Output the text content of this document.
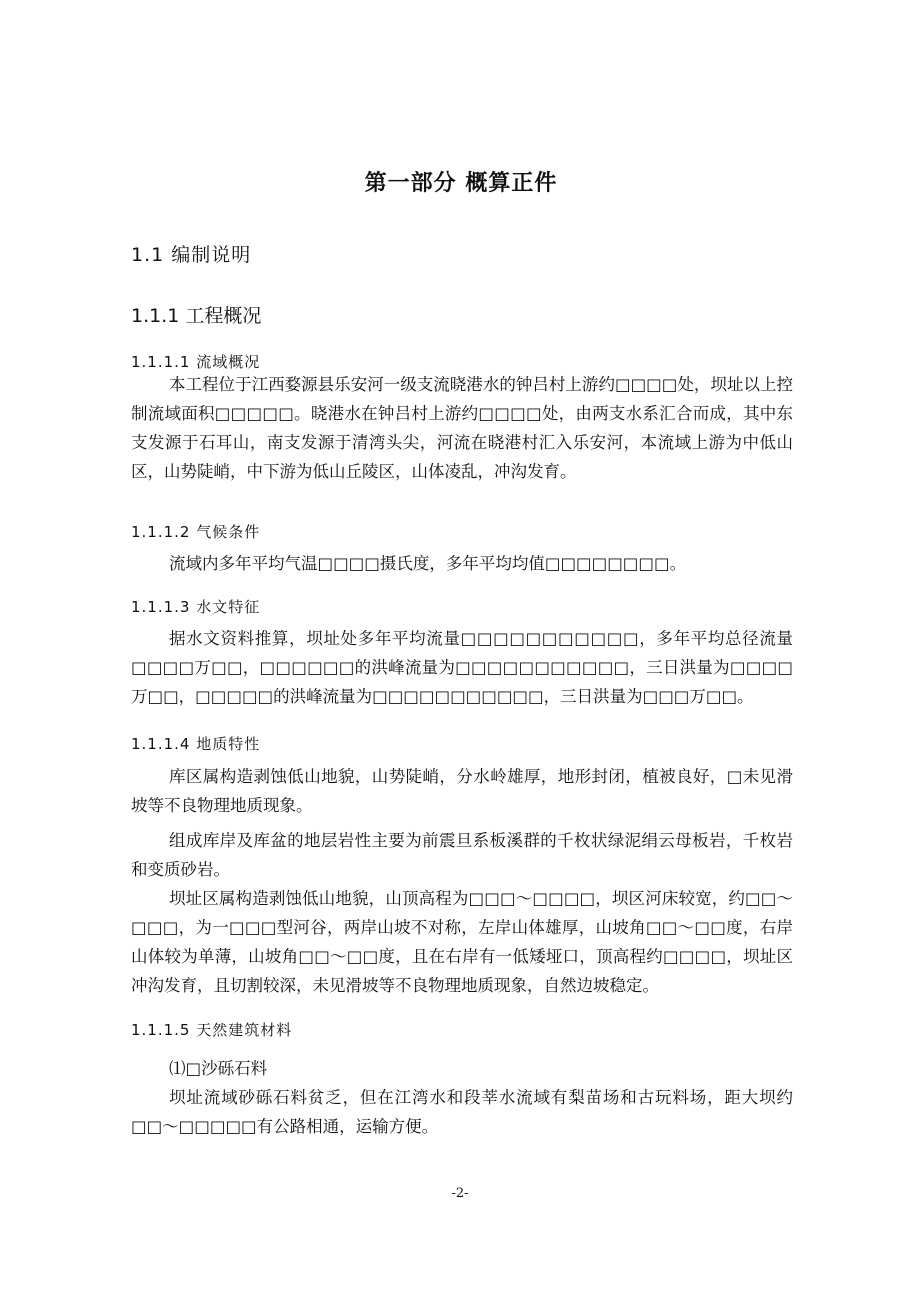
第一部分 概算正件
1.1 编制说明
1.1.1 工程概况
1.1.1.1 流域概况

本工程位于江西婺源县乐安河一级支流晓港水的钟吕村上游约□□□□处，坝址以上控制流域面积□□□□□。晓港水在钟吕村上游约□□□□处，由两支水系汇合而成，其中东支发源于石耳山，南支发源于清湾头尖，河流在晓港村汇入乐安河，本流域上游为中低山区，山势陡峭，中下游为低山丘陵区，山体凌乱，冲沟发育。

1.1.1.2 气候条件

流域内多年平均气温□□□□摄氏度，多年平均均值□□□□□□□□。

1.1.1.3 水文特征

据水文资料推算，坝址处多年平均流量□□□□□□□□□□□，多年平均总径流量□□□□万□□，□□□□□□的洪峰流量为□□□□□□□□□□□，三日洪量为□□□□万□□，□□□□□的洪峰流量为□□□□□□□□□□□，三日洪量为□□□万□□。

1.1.1.4 地质特性

库区属构造剥蚀低山地貌，山势陡峭，分水岭雄厚，地形封闭，植被良好，□未见滑坡等不良物理地质现象。

组成库岸及库盆的地层岩性主要为前震旦系板溪群的千枚状绿泥绢云母板岩，千枚岩和变质砂岩。

坝址区属构造剥蚀低山地貌，山顶高程为□□□～□□□□，坝区河床较宽，约□□～□□□，为一□□□型河谷，两岸山坡不对称，左岸山体雄厚，山坡角□□～□□度，右岸山体较为单薄，山坡角□□～□□度，且在右岸有一低矮垭口，顶高程约□□□□，坝址区冲沟发育，且切割较深，未见滑坡等不良物理地质现象，自然边坡稳定。

1.1.1.5 天然建筑材料

⑴□沙砾石料

坝址流域砂砾石料贫乏，但在江湾水和段莘水流域有梨苗场和古玩料场，距大坝约□□～□□□□□有公路相通，运输方便。

-2-
